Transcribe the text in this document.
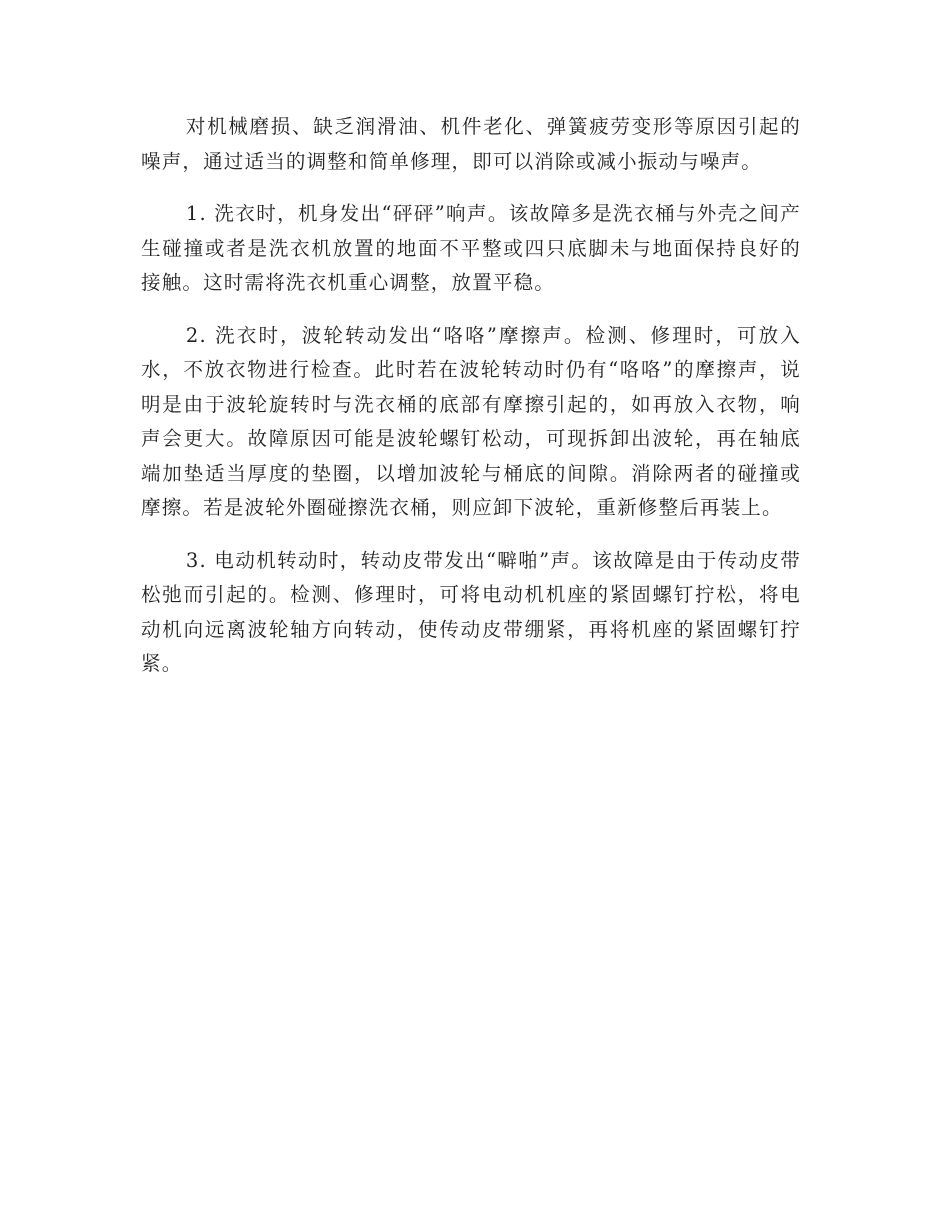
对机械磨损、缺乏润滑油、机件老化、弹簧疲劳变形等原因引起的噪声，通过适当的调整和简单修理，即可以消除或减小振动与噪声。

1. 洗衣时，机身发出“砰砰”响声。该故障多是洗衣桶与外壳之间产生碰撞或者是洗衣机放置的地面不平整或四只底脚未与地面保持良好的接触。这时需将洗衣机重心调整，放置平稳。

2. 洗衣时，波轮转动发出“咯咯”摩擦声。检测、修理时，可放入水，不放衣物进行检查。此时若在波轮转动时仍有“咯咯”的摩擦声，说明是由于波轮旋转时与洗衣桶的底部有摩擦引起的，如再放入衣物，响声会更大。故障原因可能是波轮螺钉松动，可现拆卸出波轮，再在轴底端加垫适当厚度的垫圈，以增加波轮与桶底的间隙。消除两者的碰撞或摩擦。若是波轮外圈碰擦洗衣桶，则应卸下波轮，重新修整后再装上。

3. 电动机转动时，转动皮带发出“噼啪”声。该故障是由于传动皮带松弛而引起的。检测、修理时，可将电动机机座的紧固螺钉拧松，将电动机向远离波轮轴方向转动，使传动皮带绷紧，再将机座的紧固螺钉拧紧。
